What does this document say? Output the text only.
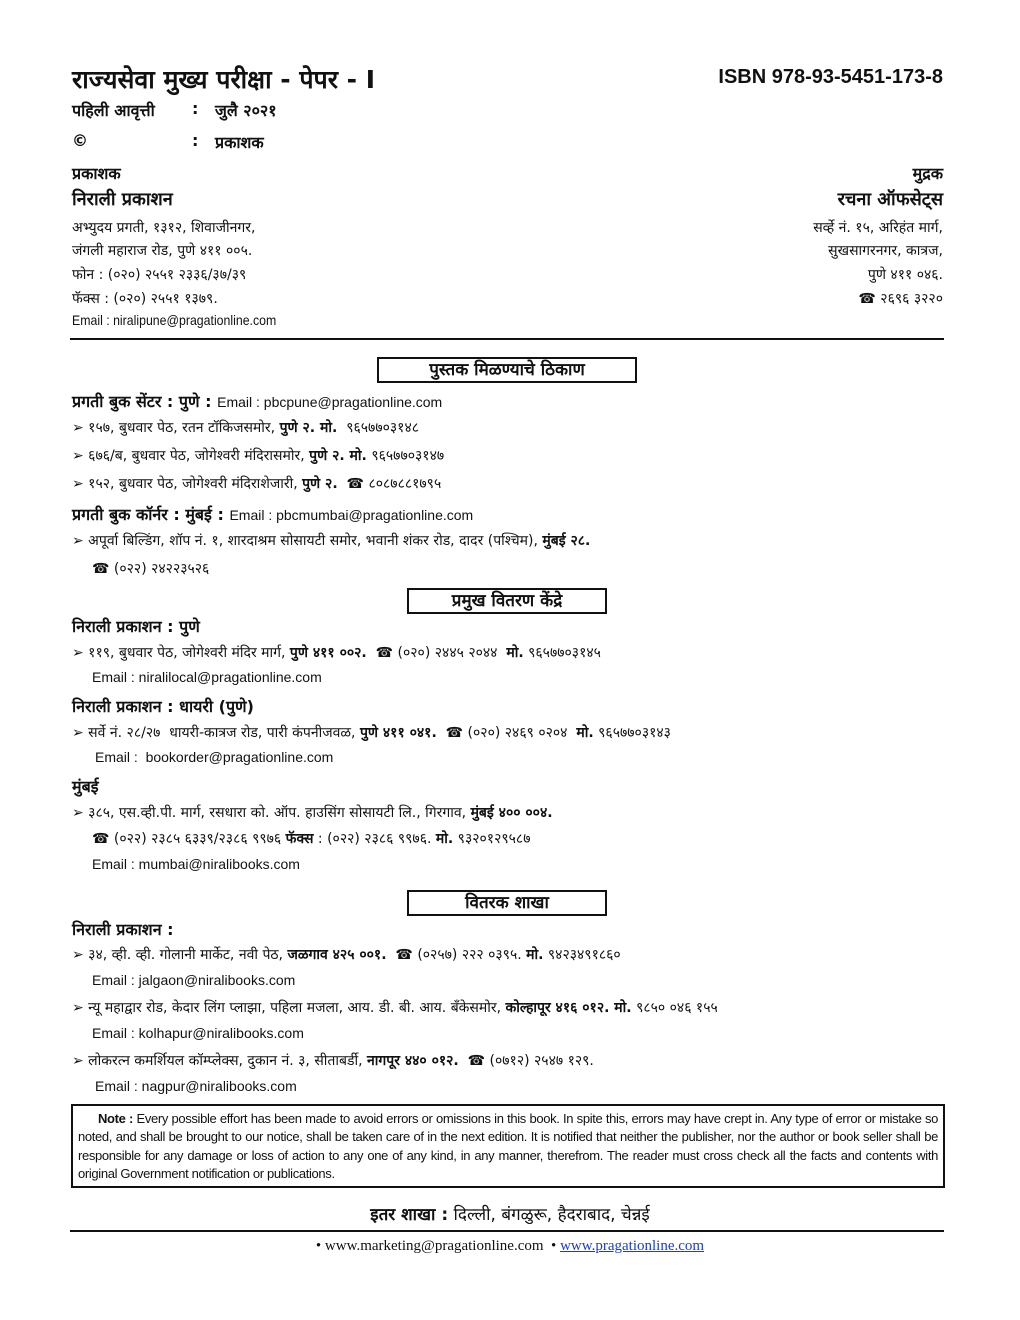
राज्यसेवा मुख्य परीक्षा - पेपर - I	ISBN 978-93-5451-173-8
पहिली आवृत्ती : जुलै २०२१
©	: प्रकाशक
प्रकाशक
निराली प्रकाशन
अभ्युदय प्रगती, १३१२, शिवाजीनगर,
जंगली महाराज रोड, पुणे ४११ ००५.
फोन : (०२०) २५५१ २३३६/३७/३९
फॅक्स : (०२०) २५५१ १३७९.
Email : niralipune@pragationline.com
मुद्रक
रचना ऑफसेट्स
सर्व्हे नं. १५, अरिहंत मार्ग,
सुखसागरनगर, कात्रज,
पुणे ४११ ०४६.
☎ २६९६ ३२२०
पुस्तक मिळण्याचे ठिकाण
प्रमुख वितरण केंद्रे
वितरक शाखा
प्रगती बुक सेंटर : पुणे : Email : pbcpune@pragationline.com
➢ १५७, बुधवार पेठ, रतन टॉकिजसमोर, पुणे २. मो.  ९६५७७०३१४८
➢ ६७६/ब, बुधवार पेठ, जोगेश्वरी मंदिरासमोर, पुणे २. मो. ९६५७७०३१४७
➢ १५२, बुधवार पेठ, जोगेश्वरी मंदिराशेजारी, पुणे २.  ☎ ८०८७८८१७९५
प्रगती बुक कॉर्नर : मुंबई : Email : pbcmumbai@pragationline.com
➢ अपूर्वा बिल्डिंग, शॉप नं. १, शारदाश्रम सोसायटी समोर, भवानी शंकर रोड, दादर (पश्चिम), मुंबई २८.
☎ (०२२) २४२२३५२६
निराली प्रकाशन : पुणे
➢ ११९, बुधवार पेठ, जोगेश्वरी मंदिर मार्ग, पुणे ४११ ००२.  ☎ (०२०) २४४५ २०४४  मो. ९६५७७०३१४५
Email : niralilocal@pragationline.com
निराली प्रकाशन : धायरी (पुणे)
➢ सर्वे नं. २८/२७  धायरी-कात्रज रोड, पारी कंपनीजवळ, पुणे ४११ ०४१.  ☎ (०२०) २४६९ ०२०४  मो. ९६५७७०३१४३
Email :  bookorder@pragationline.com
मुंबई
➢ ३८५, एस.व्ही.पी. मार्ग, रसधारा को. ऑप. हाउसिंग सोसायटी लि., गिरगाव, मुंबई ४०० ००४.
☎ (०२२) २३८५ ६३३९/२३८६ ९९७६ फॅक्स : (०२२) २३८६ ९९७६. मो. ९३२०१२९५८७
Email : mumbai@niralibooks.com
निराली प्रकाशन :
➢ ३४, व्ही. व्ही. गोलानी मार्केट, नवी पेठ, जळगाव ४२५ ००१.  ☎ (०२५७) २२२ ०३९५. मो. ९४२३४९१८६०
Email : jalgaon@niralibooks.com
➢ न्यू महाद्वार रोड, केदार लिंग प्लाझा, पहिला मजला, आय. डी. बी. आय. बॅंकेसमोर, कोल्हापूर ४१६ ०१२. मो. ९८५० ०४६ १५५
Email : kolhapur@niralibooks.com
➢ लोकरत्न कमर्शियल कॉम्प्लेक्स, दुकान नं. ३, सीताबर्डी, नागपूर ४४० ०१२.  ☎ (०७१२) २५४७ १२९.
Email : nagpur@niralibooks.com
Note : Every possible effort has been made to avoid errors or omissions in this book. In spite this, errors may have crept in. Any type of error or mistake so noted, and shall be brought to our notice, shall be taken care of in the next edition. It is notified that neither the publisher, nor the author or book seller shall be responsible for any damage or loss of action to any one of any kind, in any manner, therefrom. The reader must cross check all the facts and contents with original Government notification or publications.
इतर शाखा : दिल्ली, बंगळुरू, हैदराबाद, चेन्नई
• www.marketing@pragationline.com  • www.pragationline.com
